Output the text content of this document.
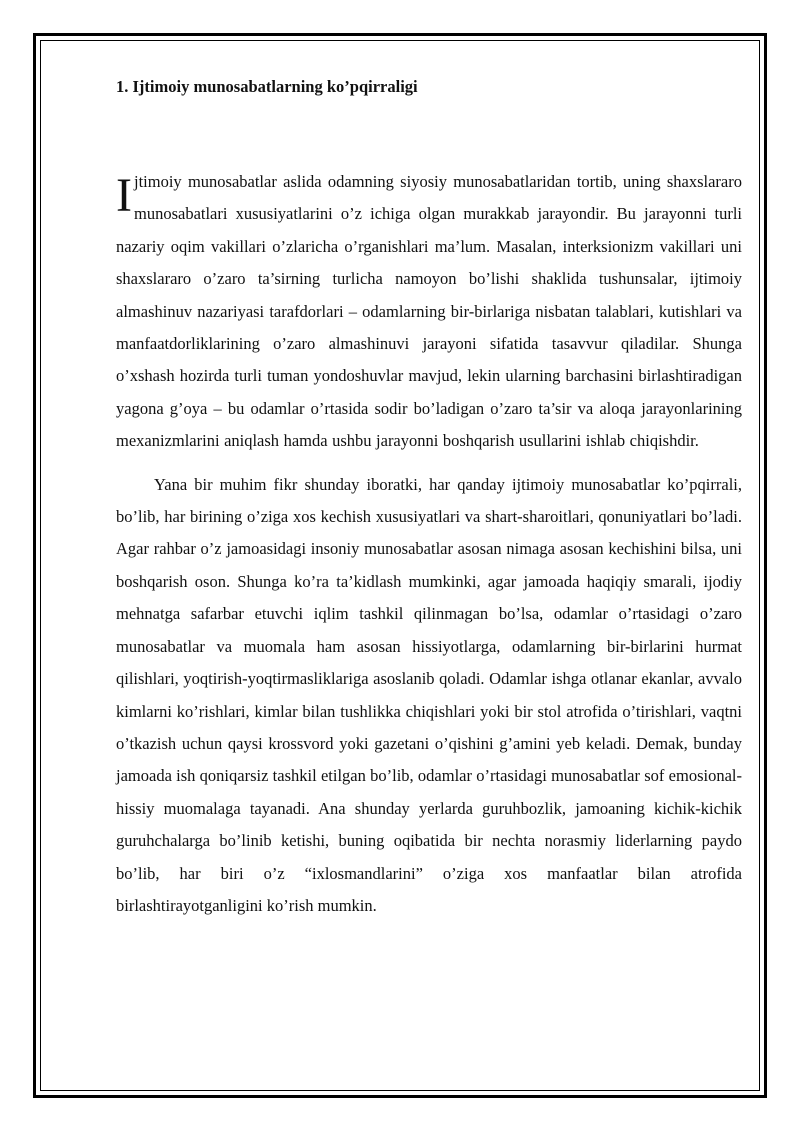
1. Ijtimoiy munosabatlarning ko’pqirraligi

Ijtimoiy munosabatlar aslida odamning siyosiy munosabatlaridan tortib, uning shaxslararo munosabatlari xususiyatlarini o’z ichiga olgan murakkab jarayondir. Bu jarayonni turli nazariy oqim vakillari o’zlaricha o’rganishlari ma’lum. Masalan, interksionizm vakillari uni shaxslararo o’zaro ta’sirning turlicha namoyon bo’lishi shaklida tushunsalar, ijtimoiy almashinuv nazariyasi tarafdorlari – odamlarning bir-birlariga nisbatan talablari, kutishlari va manfaatdorliklarining o’zaro almashinuvi jarayoni sifatida tasavvur qiladilar. Shunga o’xshash hozirda turli tuman yondoshuvlar mavjud, lekin ularning barchasini birlashtiradigan yagona g’oya – bu odamlar o’rtasida sodir bo’ladigan o’zaro ta’sir va aloqa jarayonlarining mexanizmlarini aniqlash hamda ushbu jarayonni boshqarish usullarini ishlab chiqishdir.

Yana bir muhim fikr shunday iboratki, har qanday ijtimoiy munosabatlar ko’pqirrali, bo’lib, har birining o’ziga xos kechish xususiyatlari va shart-sharoitlari, qonuniyatlari bo’ladi. Agar rahbar o’z jamoasidagi insoniy munosabatlar asosan nimaga asosan kechishini bilsa, uni boshqarish oson. Shunga ko’ra ta’kidlash mumkinki, agar jamoada haqiqiy smarali, ijodiy mehnatga safarbar etuvchi iqlim tashkil qilinmagan bo’lsa, odamlar o’rtasidagi o’zaro munosabatlar va muomala ham asosan hissiyotlarga, odamlarning bir-birlarini hurmat qilishlari, yoqtirish-yoqtirmasliklariga asoslanib qoladi. Odamlar ishga otlanar ekanlar, avvalo kimlarni ko’rishlari, kimlar bilan tushlikka chiqishlari yoki bir stol atrofida o’tirishlari, vaqtni o’tkazish uchun qaysi krossvord yoki gazetani o’qishini g’amini yeb keladi. Demak, bunday jamoada ish qoniqarsiz tashkil etilgan bo’lib, odamlar o’rtasidagi munosabatlar sof emosional-hissiy muomalaga tayanadi. Ana shunday yerlarda guruhbozlik, jamoaning kichik-kichik guruhchalarga bo’linib ketishi, buning oqibatida bir nechta norasmiy liderlarning paydo bo’lib, har biri o’z “ixlosmandlarini” o’ziga xos manfaatlar bilan atrofida birlashtirayotganligini ko’rish mumkin.
